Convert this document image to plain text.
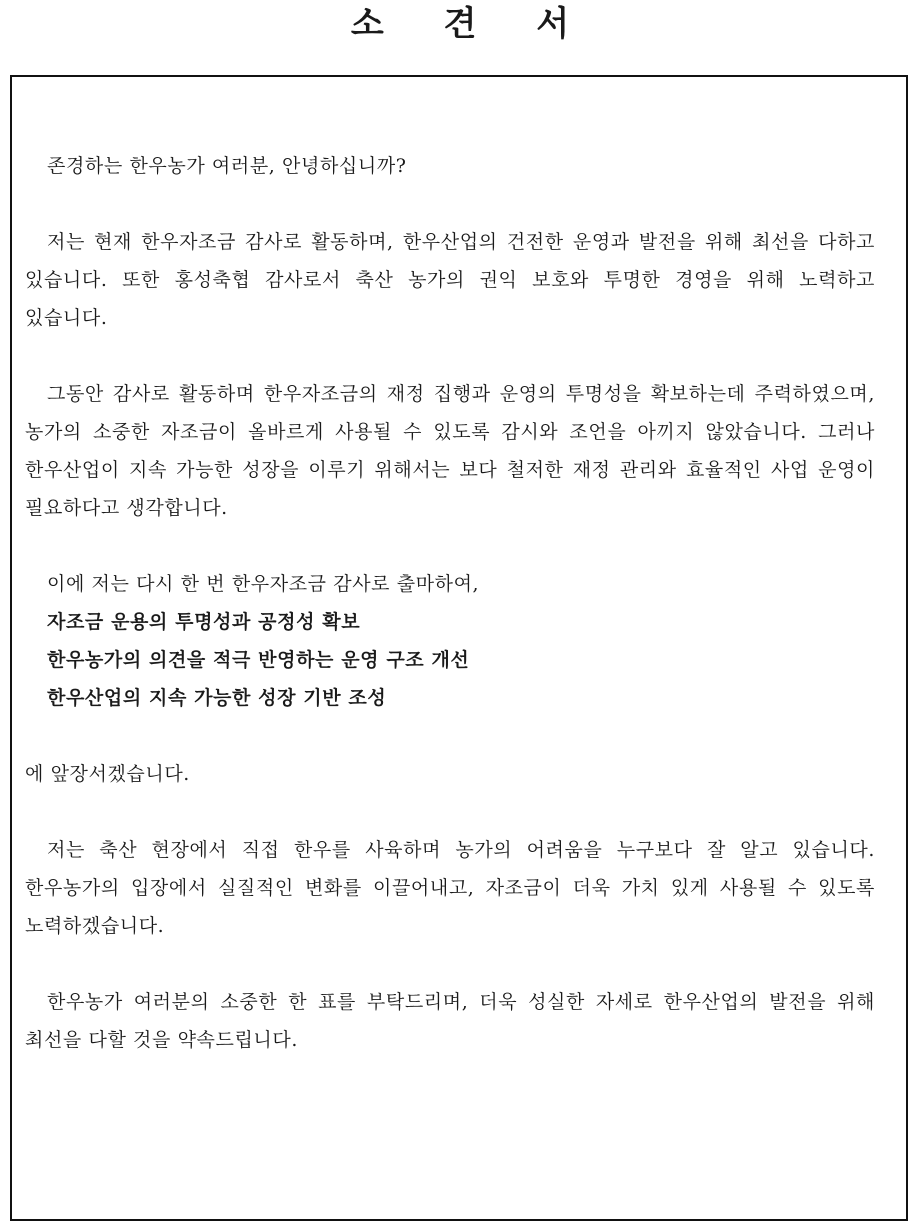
소 견 서

존경하는 한우농가 여러분, 안녕하십니까?

저는 현재 한우자조금 감사로 활동하며, 한우산업의 건전한 운영과 발전을 위해 최선을 다하고 있습니다. 또한 홍성축협 감사로서 축산 농가의 권익 보호와 투명한 경영을 위해 노력하고 있습니다.

그동안 감사로 활동하며 한우자조금의 재정 집행과 운영의 투명성을 확보하는데 주력하였으며, 농가의 소중한 자조금이 올바르게 사용될 수 있도록 감시와 조언을 아끼지 않았습니다. 그러나 한우산업이 지속 가능한 성장을 이루기 위해서는 보다 철저한 재정 관리와 효율적인 사업 운영이 필요하다고 생각합니다.

이에 저는 다시 한 번 한우자조금 감사로 출마하여,

자조금 운용의 투명성과 공정성 확보

한우농가의 의견을 적극 반영하는 운영 구조 개선

한우산업의 지속 가능한 성장 기반 조성

에 앞장서겠습니다.

저는 축산 현장에서 직접 한우를 사육하며 농가의 어려움을 누구보다 잘 알고 있습니다. 한우농가의 입장에서 실질적인 변화를 이끌어내고, 자조금이 더욱 가치 있게 사용될 수 있도록 노력하겠습니다.

한우농가 여러분의 소중한 한 표를 부탁드리며, 더욱 성실한 자세로 한우산업의 발전을 위해 최선을 다할 것을 약속드립니다.
